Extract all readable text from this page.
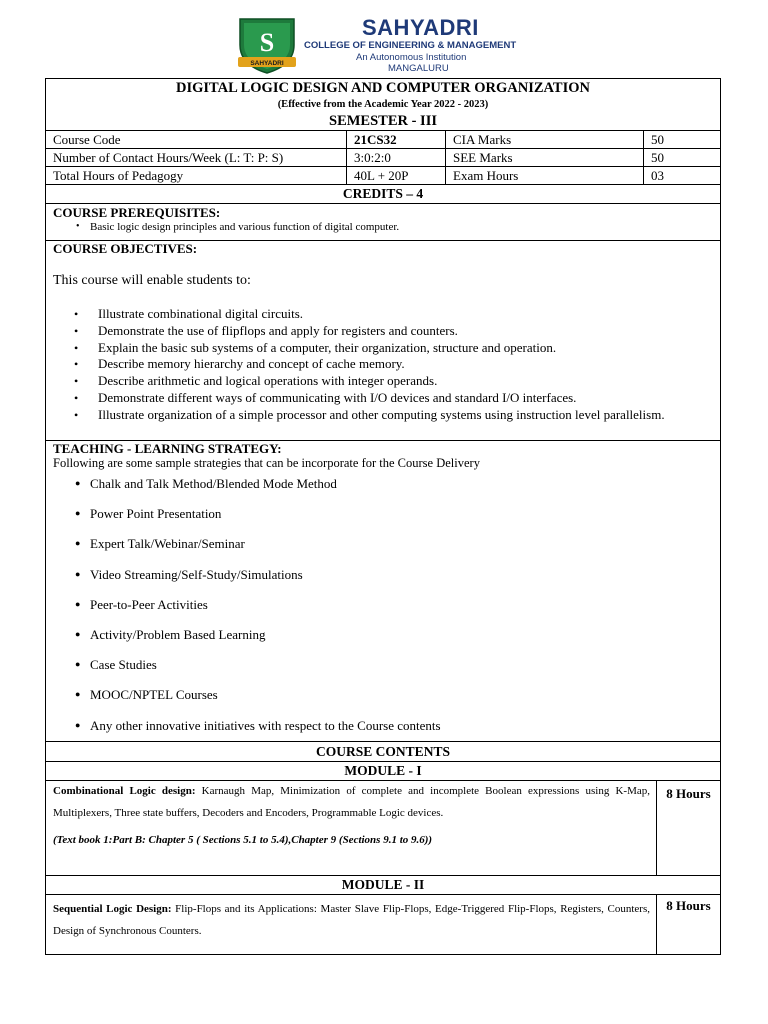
S
SAHYADRI
SAHYADRI
COLLEGE OF ENGINEERING & MANAGEMENT
An Autonomous Institution
MANGALURU
DIGITAL LOGIC DESIGN AND COMPUTER ORGANIZATION
(Effective from the Academic Year 2022 - 2023)
SEMESTER - III
Course Code	21CS32	CIA Marks	50
Number of Contact Hours/Week (L: T: P: S)	3:0:2:0	SEE Marks	50
Total Hours of Pedagogy	40L + 20P	Exam Hours	03
CREDITS – 4
COURSE PREREQUISITES:
• Basic logic design principles and various function of digital computer.
COURSE OBJECTIVES:
This course will enable students to:
• Illustrate combinational digital circuits.
• Demonstrate the use of flipflops and apply for registers and counters.
• Explain the basic sub systems of a computer, their organization, structure and operation.
• Describe memory hierarchy and concept of cache memory.
• Describe arithmetic and logical operations with integer operands.
• Demonstrate different ways of communicating with I/O devices and standard I/O interfaces.
• Illustrate organization of a simple processor and other computing systems using instruction level parallelism.
TEACHING - LEARNING STRATEGY:
Following are some sample strategies that can be incorporate for the Course Delivery
● Chalk and Talk Method/Blended Mode Method
● Power Point Presentation
● Expert Talk/Webinar/Seminar
● Video Streaming/Self-Study/Simulations
● Peer-to-Peer Activities
● Activity/Problem Based Learning
● Case Studies
● MOOC/NPTEL Courses
● Any other innovative initiatives with respect to the Course contents
COURSE CONTENTS
MODULE - I
Combinational Logic design: Karnaugh Map, Minimization of complete and incomplete Boolean expressions using K-Map, Multiplexers, Three state buffers, Decoders and Encoders, Programmable Logic devices.
(Text book 1:Part B: Chapter 5 ( Sections 5.1 to 5.4),Chapter 9 (Sections 9.1 to 9.6))
8 Hours
MODULE - II
Sequential Logic Design: Flip-Flops and its Applications: Master Slave Flip-Flops, Edge-Triggered Flip-Flops, Registers, Counters, Design of Synchronous Counters.
8 Hours
